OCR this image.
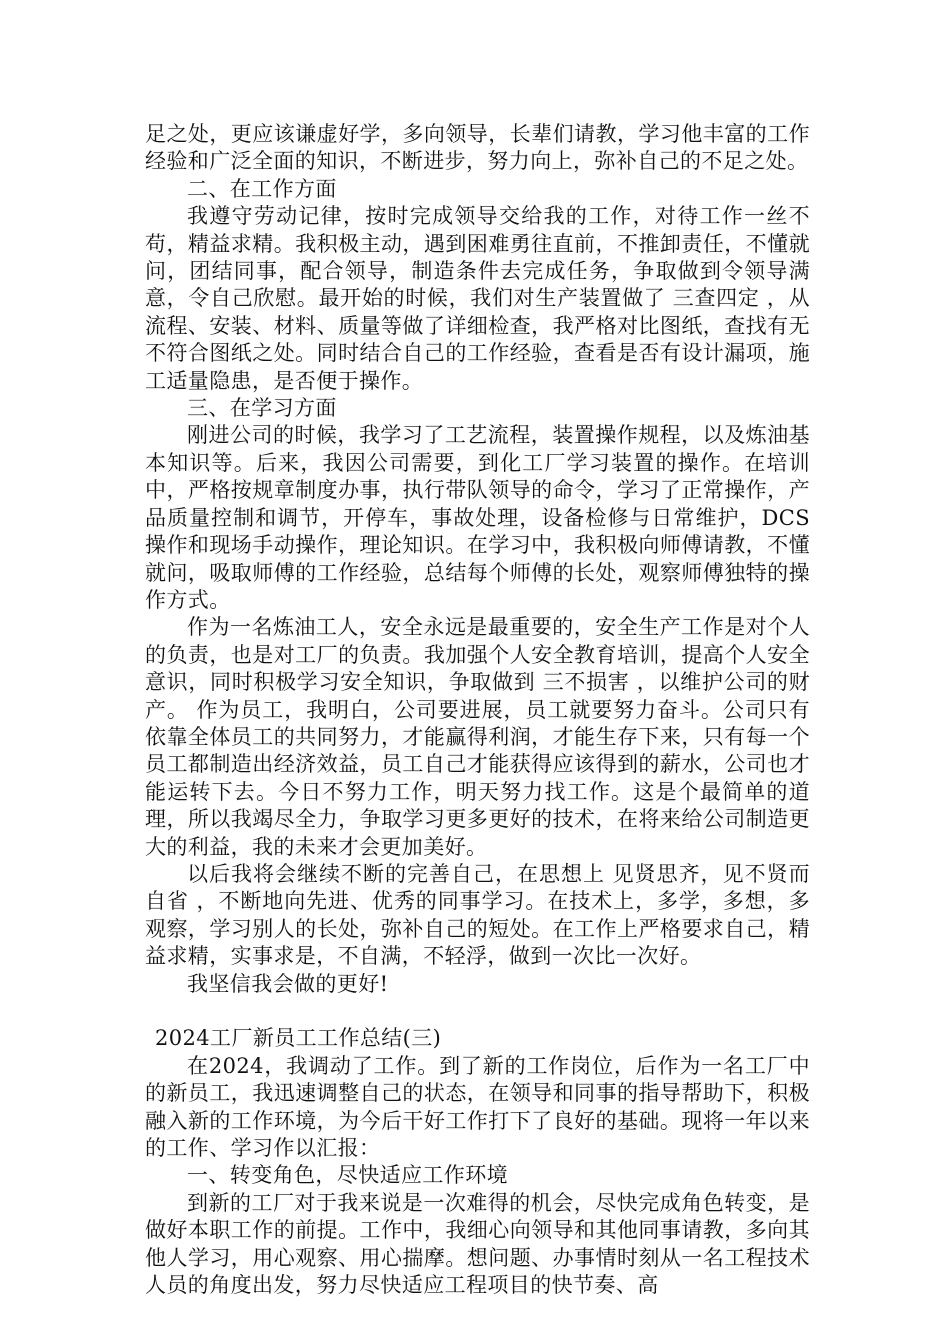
足之处，更应该谦虚好学，多向领导，长辈们请教，学习他丰富的工作经验和广泛全面的知识，不断进步，努力向上，弥补自己的不足之处。

二、在工作方面

我遵守劳动记律，按时完成领导交给我的工作，对待工作一丝不苟，精益求精。我积极主动，遇到困难勇往直前，不推卸责任，不懂就问，团结同事，配合领导，制造条件去完成任务，争取做到令领导满意，令自己欣慰。最开始的时候，我们对生产装置做了 三查四定 ，从流程、安装、材料、质量等做了详细检查，我严格对比图纸，查找有无不符合图纸之处。同时结合自己的工作经验，查看是否有设计漏项，施工适量隐患，是否便于操作。

三、在学习方面

刚进公司的时候，我学习了工艺流程，装置操作规程，以及炼油基本知识等。后来，我因公司需要，到化工厂学习装置的操作。在培训中，严格按规章制度办事，执行带队领导的命令，学习了正常操作，产品质量控制和调节，开停车，事故处理，设备检修与日常维护，DCS操作和现场手动操作，理论知识。在学习中，我积极向师傅请教，不懂就问，吸取师傅的工作经验，总结每个师傅的长处，观察师傅独特的操作方式。

作为一名炼油工人，安全永远是最重要的，安全生产工作是对个人的负责，也是对工厂的负责。我加强个人安全教育培训，提高个人安全意识，同时积极学习安全知识，争取做到 三不损害 ，以维护公司的财产。 作为员工，我明白，公司要进展，员工就要努力奋斗。公司只有依靠全体员工的共同努力，才能赢得利润，才能生存下来，只有每一个员工都制造出经济效益，员工自己才能获得应该得到的薪水，公司也才能运转下去。今日不努力工作，明天努力找工作。这是个最简单的道理，所以我竭尽全力，争取学习更多更好的技术，在将来给公司制造更大的利益，我的未来才会更加美好。

以后我将会继续不断的完善自己，在思想上 见贤思齐，见不贤而自省 ，不断地向先进、优秀的同事学习。在技术上，多学，多想，多观察，学习别人的长处，弥补自己的短处。在工作上严格要求自己，精益求精，实事求是，不自满，不轻浮，做到一次比一次好。

我坚信我会做的更好!

2024工厂新员工工作总结(三)

在2024，我调动了工作。到了新的工作岗位，后作为一名工厂中的新员工，我迅速调整自己的状态，在领导和同事的指导帮助下，积极融入新的工作环境，为今后干好工作打下了良好的基础。现将一年以来的工作、学习作以汇报：

一、转变角色，尽快适应工作环境

到新的工厂对于我来说是一次难得的机会，尽快完成角色转变，是做好本职工作的前提。工作中，我细心向领导和其他同事请教，多向其他人学习，用心观察、用心揣摩。想问题、办事情时刻从一名工程技术人员的角度出发，努力尽快适应工程项目的快节奏、高
